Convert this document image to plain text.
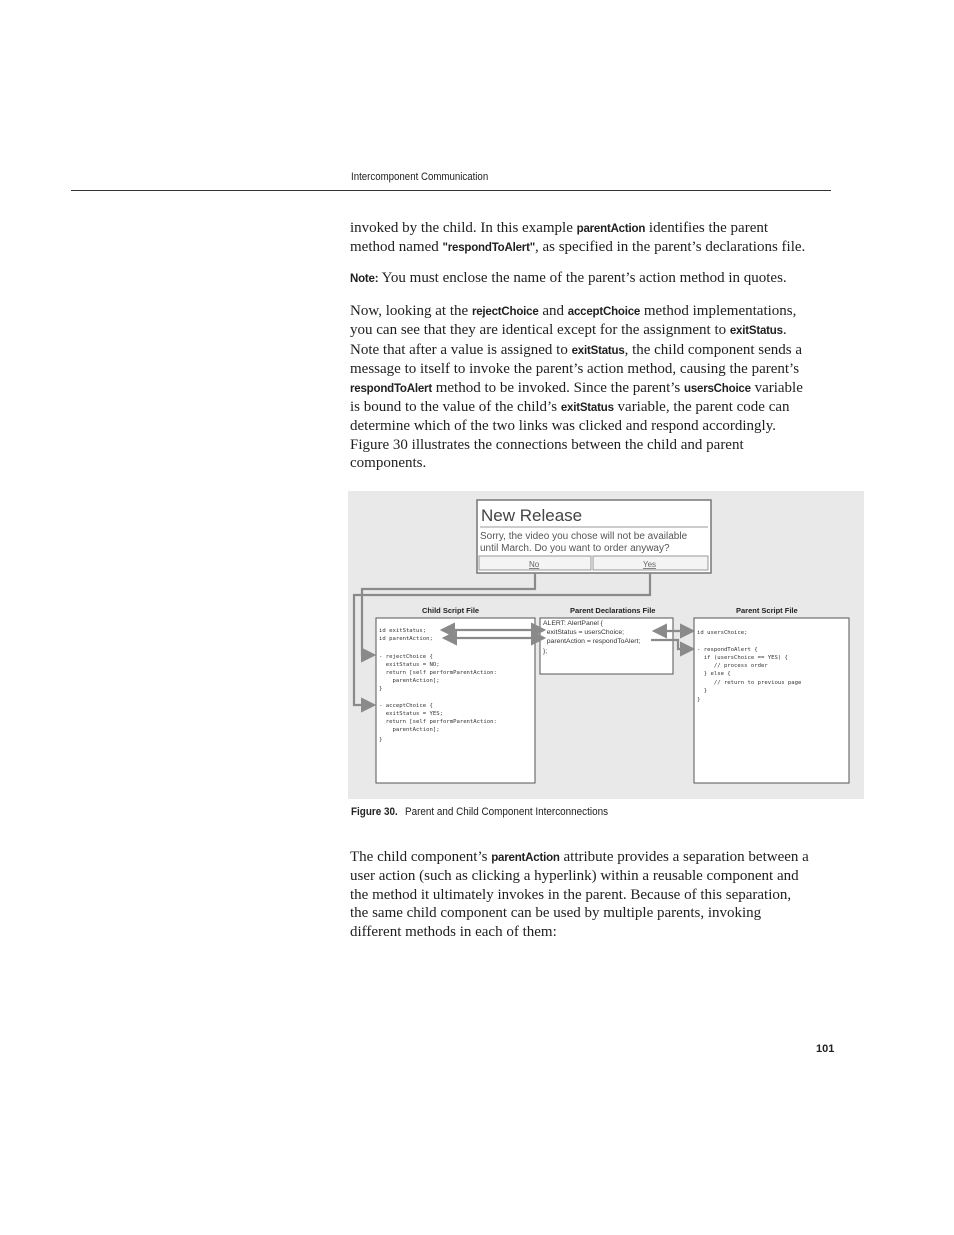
Intercomponent Communication

invoked by the child. In this example parentAction identifies the parent method named "respondToAlert", as specified in the parent’s declarations file.

Note: You must enclose the name of the parent’s action method in quotes.

Now, looking at the rejectChoice and acceptChoice method implementations, you can see that they are identical except for the assignment to exitStatus. Note that after a value is assigned to exitStatus, the child component sends a message to itself to invoke the parent’s action method, causing the parent’s respondToAlert method to be invoked. Since the parent’s usersChoice variable is bound to the value of the child’s exitStatus variable, the parent code can determine which of the two links was clicked and respond accordingly. Figure 30 illustrates the connections between the child and parent components.

New Release
Sorry, the video you chose will not be available
until March. Do you want to order anyway?
No	Yes
Child Script File	Parent Declarations File	Parent Script File
id exitStatus;
id parentAction;
- rejectChoice {
exitStatus = NO;
return [self performParentAction:
parentAction];
}
- acceptChoice {
exitStatus = YES;
return [self performParentAction:
parentAction];
}
ALERT: AlertPanel {
exitStatus = usersChoice;
parentAction = respondToAlert;
};
id usersChoice;
- respondToAlert {
if (usersChoice == YES) {
// process order
} else {
// return to previous page
}
}
Figure 30. Parent and Child Component Interconnections

The child component’s parentAction attribute provides a separation between a user action (such as clicking a hyperlink) within a reusable component and the method it ultimately invokes in the parent. Because of this separation, the same child component can be used by multiple parents, invoking different methods in each of them:

101
